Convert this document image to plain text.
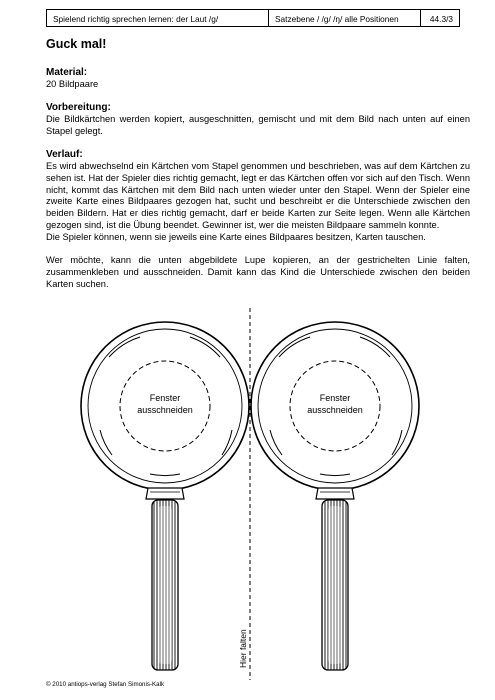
Spielend richtig sprechen lernen: der Laut /g/	Satzebene / /g/ /ŋ/ alle Positionen	44.3/3
Guck mal!
Material:

20 Bildpaare

Vorbereitung:

Die Bildkärtchen werden kopiert, ausgeschnitten, gemischt und mit dem Bild nach unten auf einen Stapel gelegt.

Verlauf:

Es wird abwechselnd ein Kärtchen vom Stapel genommen und beschrieben, was auf dem Kärtchen zu sehen ist. Hat der Spieler dies richtig gemacht, legt er das Kärtchen offen vor sich auf den Tisch. Wenn nicht, kommt das Kärtchen mit dem Bild nach unten wieder unter den Stapel. Wenn der Spieler eine zweite Karte eines Bildpaares gezogen hat, sucht und beschreibt er die Unterschiede zwischen den beiden Bildern. Hat er dies richtig gemacht, darf er beide Karten zur Seite legen. Wenn alle Kärtchen gezogen sind, ist die Übung beendet. Gewinner ist, wer die meisten Bildpaare sammeln konnte.

Die Spieler können, wenn sie jeweils eine Karte eines Bildpaares besitzen, Karten tauschen.

Wer möchte, kann die unten abgebildete Lupe kopieren, an der gestrichelten Linie falten, zusammenkleben und ausschneiden. Damit kann das Kind die Unterschiede zwischen den beiden Karten suchen.

Fenster
ausschneiden
Fenster
ausschneiden
Hier falten
© 2010 antiops-verlag Stefan Simonis-Kalk
